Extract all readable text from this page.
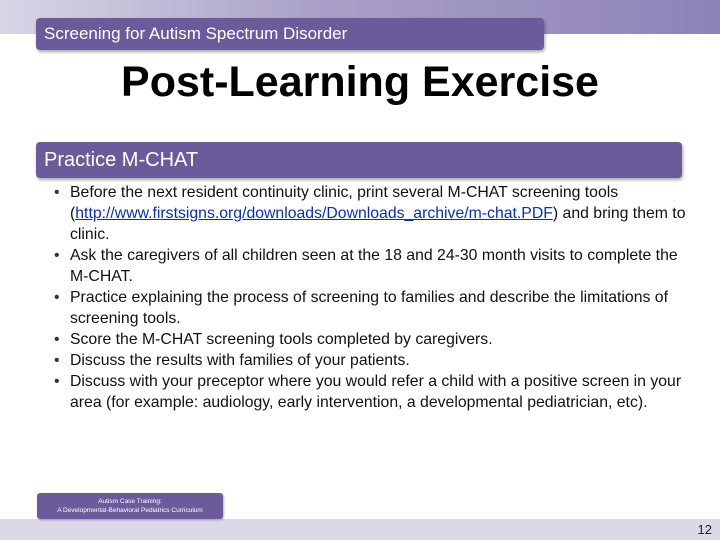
Screening for Autism Spectrum Disorder
Post-Learning Exercise
Practice M-CHAT
• Before the next resident continuity clinic, print several M-CHAT screening tools (http://www.firstsigns.org/downloads/Downloads_archive/m-chat.PDF) and bring them to clinic.
• Ask the caregivers of all children seen at the 18 and 24-30 month visits to complete the M-CHAT.
• Practice explaining the process of screening to families and describe the limitations of screening tools.
• Score the M-CHAT screening tools completed by caregivers.
• Discuss the results with families of your patients.
• Discuss with your preceptor where you would refer a child with a positive screen in your area (for example: audiology, early intervention, a developmental pediatrician, etc).
12
Autism Case Training:
A Developmental-Behavioral Pediatrics Curriculum
